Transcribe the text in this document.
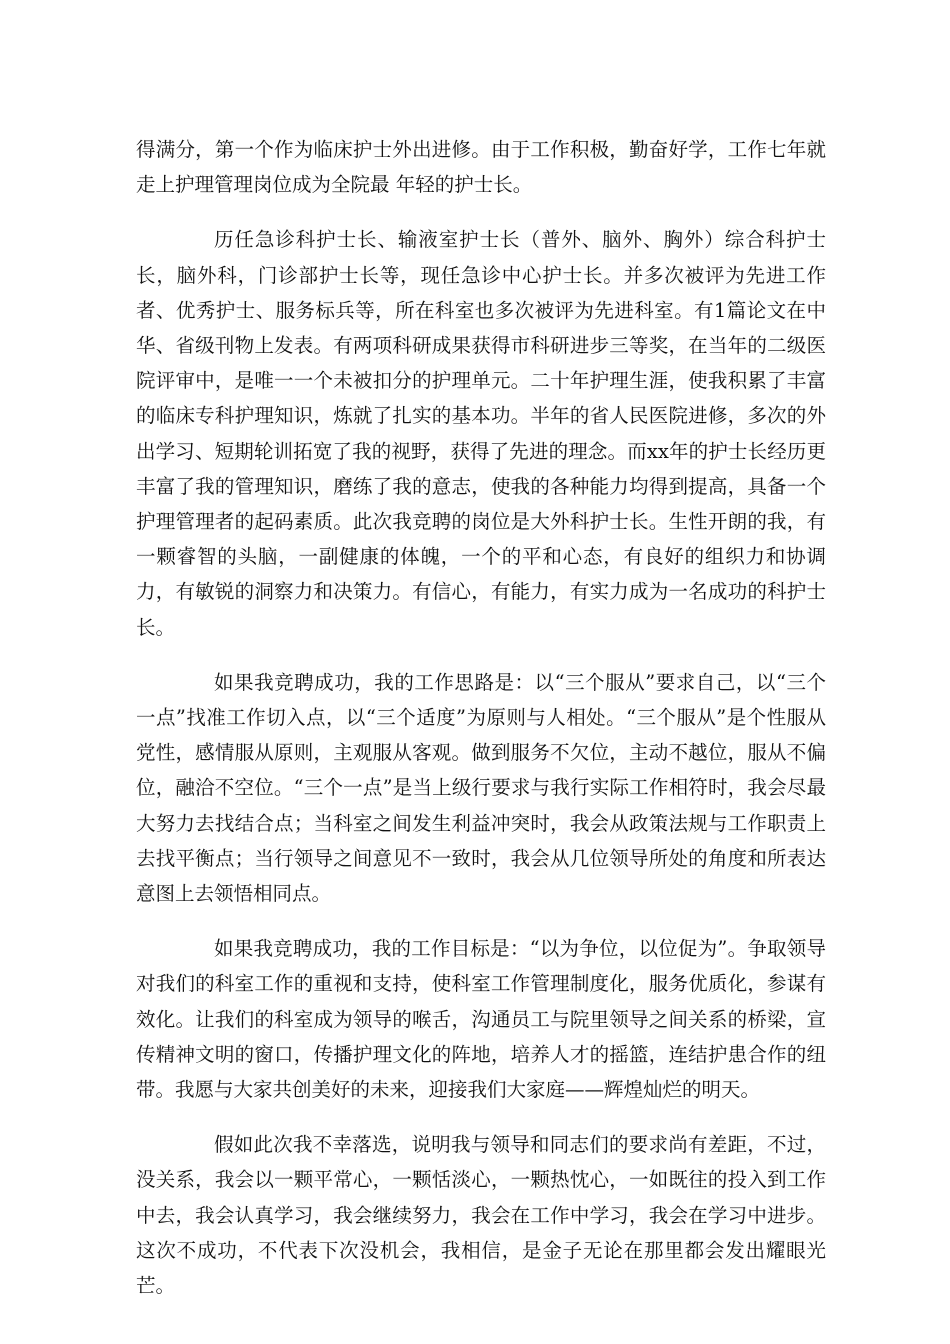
得满分，第一个作为临床护士外出进修。由于工作积极，勤奋好学，工作七年就走上护理管理岗位成为全院最 年轻的护士长。

历任急诊科护士长、输液室护士长（普外、脑外、胸外）综合科护士长，脑外科，门诊部护士长等，现任急诊中心护士长。并多次被评为先进工作者、优秀护士、服务标兵等，所在科室也多次被评为先进科室。有1篇论文在中华、省级刊物上发表。有两项科研成果获得市科研进步三等奖，在当年的二级医院评审中，是唯一一个未被扣分的护理单元。二十年护理生涯，使我积累了丰富的临床专科护理知识，炼就了扎实的基本功。半年的省人民医院进修，多次的外出学习、短期轮训拓宽了我的视野，获得了先进的理念。而xx年的护士长经历更丰富了我的管理知识，磨练了我的意志，使我的各种能力均得到提高，具备一个护理管理者的起码素质。此次我竞聘的岗位是大外科护士长。生性开朗的我，有一颗睿智的头脑，一副健康的体魄，一个的平和心态，有良好的组织力和协调力，有敏锐的洞察力和决策力。有信心，有能力，有实力成为一名成功的科护士长。

如果我竞聘成功，我的工作思路是：以“三个服从”要求自己，以“三个一点”找准工作切入点，以“三个适度”为原则与人相处。“三个服从”是个性服从党性，感情服从原则，主观服从客观。做到服务不欠位，主动不越位，服从不偏位，融洽不空位。“三个一点”是当上级行要求与我行实际工作相符时，我会尽最 大努力去找结合点；当科室之间发生利益冲突时，我会从政策法规与工作职责上去找平衡点；当行领导之间意见不一致时，我会从几位领导所处的角度和所表达意图上去领悟相同点。

如果我竞聘成功，我的工作目标是：“以为争位，以位促为”。争取领导对我们的科室工作的重视和支持，使科室工作管理制度化，服务优质化，参谋有效化。让我们的科室成为领导的喉舌，沟通员工与院里领导之间关系的桥梁，宣传精神文明的窗口，传播护理文化的阵地，培养人才的摇篮，连结护患合作的纽带。我愿与大家共创美好的未来，迎接我们大家庭——辉煌灿烂的明天。

假如此次我不幸落选，说明我与领导和同志们的要求尚有差距，不过，没关系，我会以一颗平常心，一颗恬淡心，一颗热忱心，一如既往的投入到工作中去，我会认真学习，我会继续努力，我会在工作中学习，我会在学习中进步。这次不成功，不代表下次没机会，我相信，是金子无论在那里都会发出耀眼光芒。
